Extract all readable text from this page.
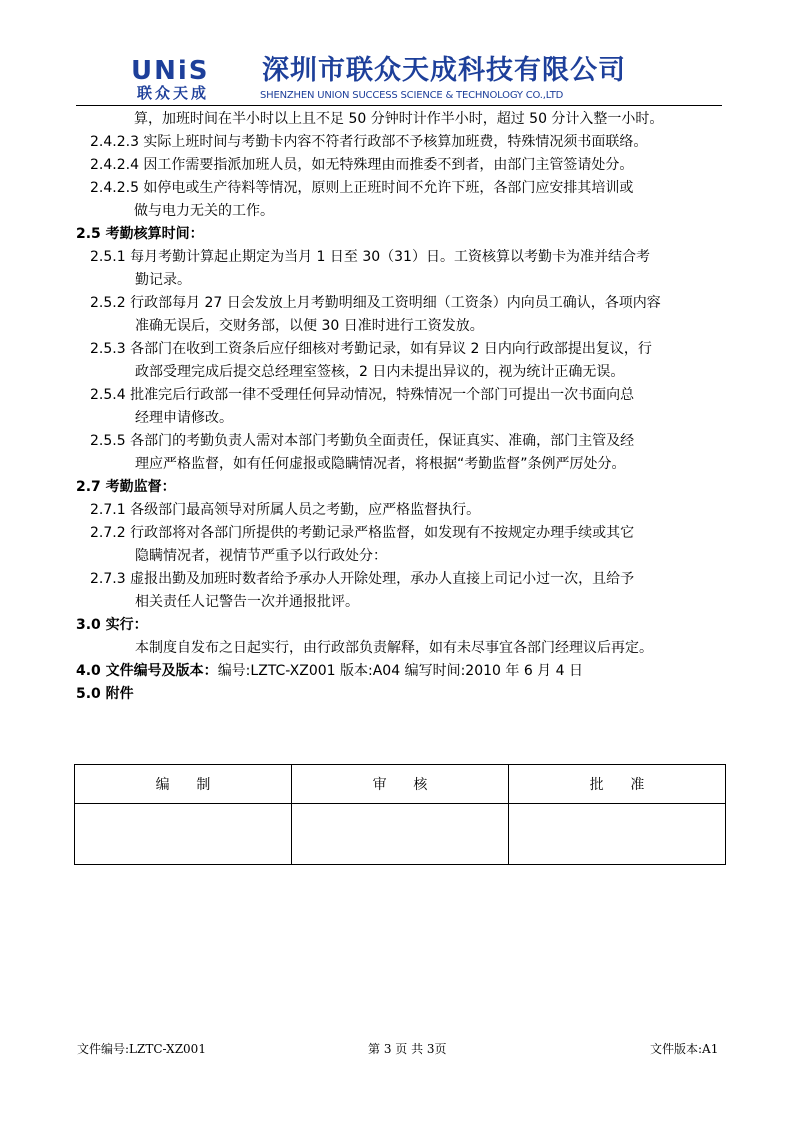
UNiS
联众天成
深圳市联众天成科技有限公司
SHENZHEN UNION SUCCESS SCIENCE & TECHNOLOGY CO.,LTD
算，加班时间在半小时以上且不足 50 分钟时计作半小时，超过 50 分计入整一小时。
2.4.2.3 实际上班时间与考勤卡内容不符者行政部不予核算加班费，特殊情况须书面联络。
2.4.2.4 因工作需要指派加班人员，如无特殊理由而推委不到者，由部门主管签请处分。
2.4.2.5 如停电或生产待料等情况，原则上正班时间不允许下班，各部门应安排其培训或
做与电力无关的工作。
2.5 考勤核算时间：
2.5.1 每月考勤计算起止期定为当月 1 日至 30（31）日。工资核算以考勤卡为准并结合考
勤记录。
2.5.2 行政部每月 27 日会发放上月考勤明细及工资明细（工资条）内向员工确认，各项内容
准确无误后，交财务部，以便 30 日准时进行工资发放。
2.5.3 各部门在收到工资条后应仔细核对考勤记录，如有异议 2 日内向行政部提出复议，行
政部受理完成后提交总经理室签核，2 日内未提出异议的，视为统计正确无误。
2.5.4 批准完后行政部一律不受理任何异动情况，特殊情况一个部门可提出一次书面向总
经理申请修改。
2.5.5 各部门的考勤负责人需对本部门考勤负全面责任，保证真实、准确，部门主管及经
理应严格监督，如有任何虚报或隐瞒情况者，将根据“考勤监督”条例严厉处分。
2.7 考勤监督：
2.7.1 各级部门最高领导对所属人员之考勤，应严格监督执行。
2.7.2 行政部将对各部门所提供的考勤记录严格监督，如发现有不按规定办理手续或其它
隐瞒情况者，视情节严重予以行政处分：
2.7.3 虚报出勤及加班时数者给予承办人开除处理，承办人直接上司记小过一次，且给予
相关责任人记警告一次并通报批评。
3.0 实行：
本制度自发布之日起实行，由行政部负责解释，如有未尽事宜各部门经理议后再定。
4.0 文件编号及版本：编号:LZTC-XZ001 版本:A04 编写时间:2010 年 6 月 4 日
5.0 附件
编      制	审      核	批      准

文件编号:LZTC-XZ001	第 3 页 共 3页	文件版本:A1
